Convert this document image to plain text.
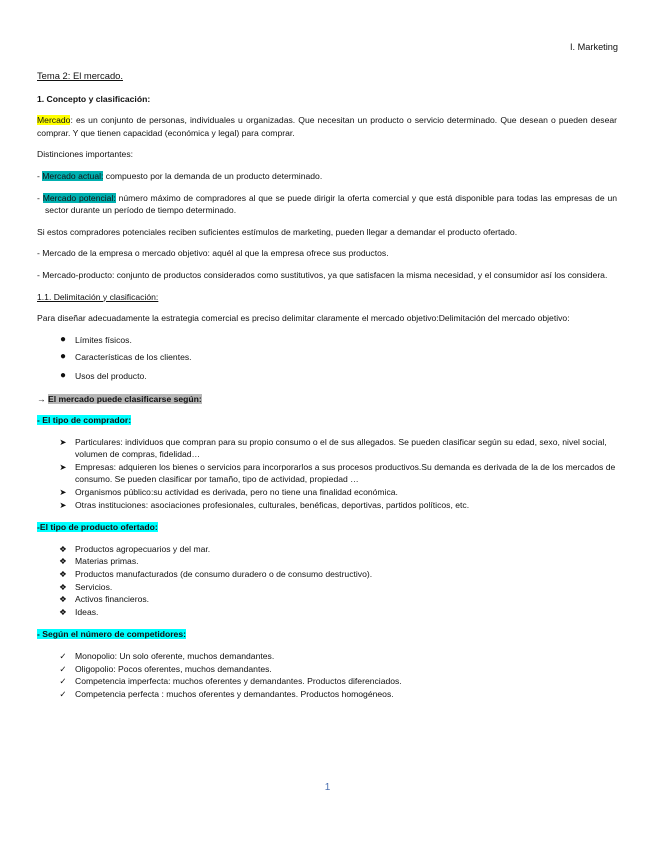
I. Marketing
Tema 2: El mercado.
1. Concepto y clasificación:
Mercado: es un conjunto de personas, individuales u organizadas. Que necesitan un producto o servicio determinado. Que desean o pueden desear comprar. Y que tienen capacidad (económica y legal) para comprar.
Distinciones importantes:
- Mercado actual: compuesto por la demanda de un producto determinado.
- Mercado potencial: número máximo de compradores al que se puede dirigir la oferta comercial y que está disponible para todas las empresas de un sector durante un período de tiempo determinado.
Si estos compradores potenciales reciben suficientes estímulos de marketing, pueden llegar a demandar el producto ofertado.
- Mercado de la empresa o mercado objetivo: aquél al que la empresa ofrece sus productos.
- Mercado-producto: conjunto de productos considerados como sustitutivos, ya que satisfacen la misma necesidad, y el consumidor así los considera.
1.1. Delimitación y clasificación:
Para diseñar adecuadamente la estrategia comercial es preciso delimitar claramente el mercado objetivo:Delimitación del mercado objetivo:
●	Límites físicos.
●	Características de los clientes.
●	Usos del producto.
→ El mercado puede clasificarse según:
- El tipo de comprador:
➤ Particulares: individuos que compran para su propio consumo o el de sus allegados. Se pueden clasificar según su edad, sexo, nivel social, volumen de compras, fidelidad…
➤ Empresas: adquieren los bienes o servicios para incorporarlos a sus procesos productivos.Su demanda es derivada de la de los mercados de consumo. Se pueden clasificar por tamaño, tipo de actividad, propiedad …
➤ Organismos público:su actividad es derivada, pero no tiene una finalidad económica.
➤ Otras instituciones: asociaciones profesionales, culturales, benéficas, deportivas, partidos políticos, etc.
-El tipo de producto ofertado:
❖ Productos agropecuarios y del mar.
❖ Materias primas.
❖ Productos manufacturados (de consumo duradero o de consumo destructivo).
❖ Servicios.
❖ Activos financieros.
❖ Ideas.
- Según el número de competidores:
✓ Monopolio: Un solo oferente, muchos demandantes.
✓ Oligopolio: Pocos oferentes, muchos demandantes.
✓ Competencia imperfecta: muchos oferentes y demandantes. Productos diferenciados.
✓ Competencia perfecta : muchos oferentes y demandantes. Productos homogéneos.
1
